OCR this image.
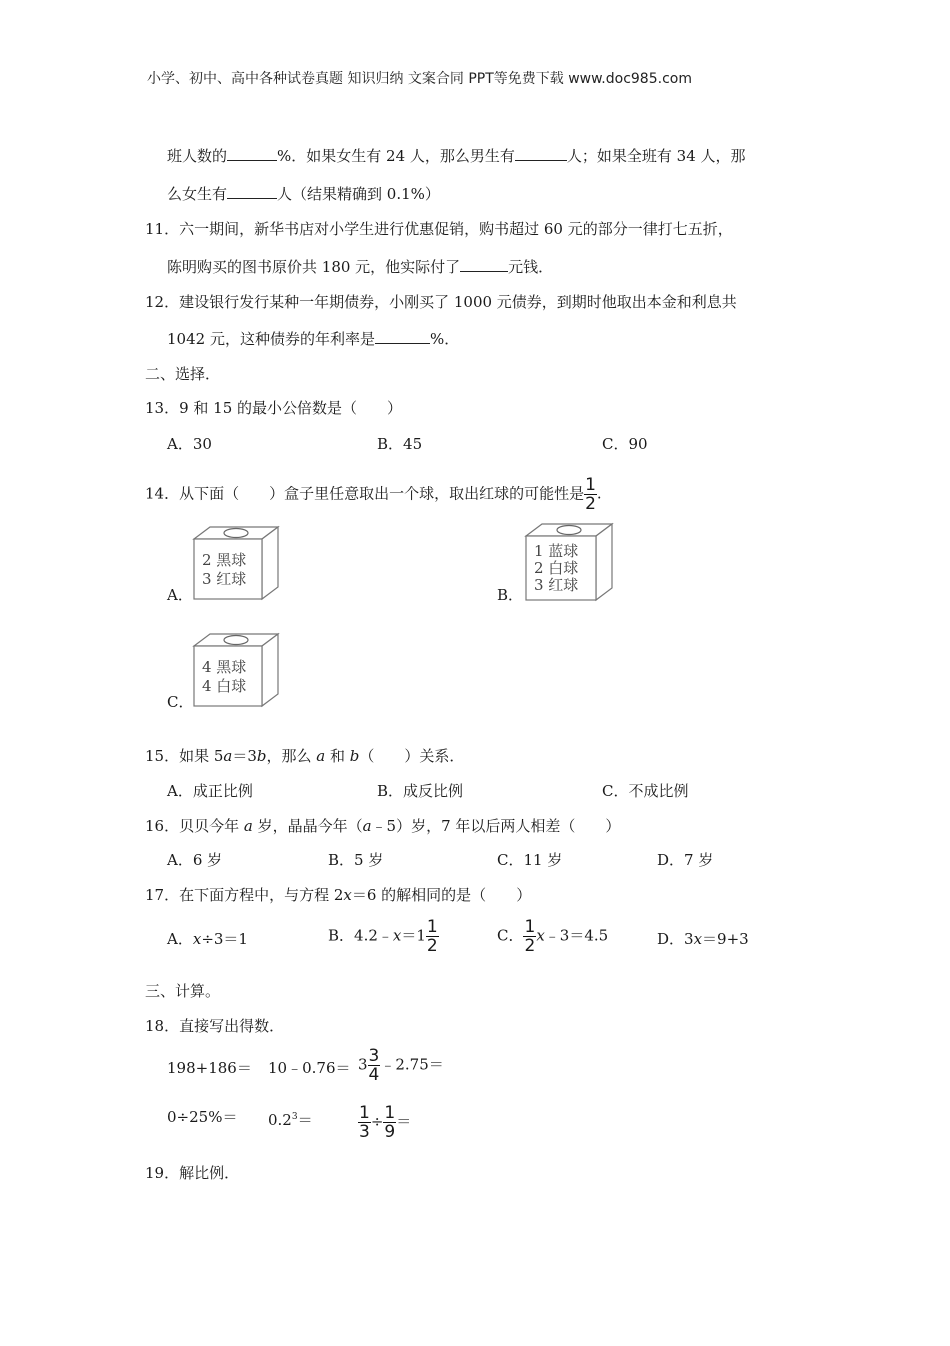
小学、初中、高中各种试卷真题 知识归纳 文案合同 PPT等免费下载 www.doc985.com
班人数的	%．如果女生有 24 人，那么男生有	人；如果全班有 34 人，那
么女生有	人（结果精确到 0.1%）
11．六一期间，新华书店对小学生进行优惠促销，购书超过 60 元的部分一律打七五折，
陈明购买的图书原价共 180 元，他实际付了	元钱．
12．建设银行发行某种一年期债券，小刚买了 1000 元债券，到期时他取出本金和利息共
1042 元，这种债券的年利率是	%．
二、选择．
13．9 和 15 的最小公倍数是（　　）
A．30	B．45	C．90
14．从下面（　　）盒子里任意取出一个球，取出红球的可能性是 $\frac{1}{2}$ .
A．
2 黑球
3 红球
B．
1 蓝球
2 白球
3 红球
C．
4 黑球
4 白球
15．如果 5a＝3b，那么 a 和 b（　　）关系．
A．成正比例	B．成反比例	C．不成比例
16．贝贝今年 a 岁，晶晶今年（a﹣5）岁，7 年以后两人相差（　　）
A．6 岁	B．5 岁	C．11 岁	D．7 岁
17．在下面方程中，与方程 2x＝6 的解相同的是（　　）
A．x÷3＝1	B．4.2﹣x＝1 $\frac{1}{2}$	C． $\frac{1}{2}$ x﹣3＝4.5	D．3x＝9+3
三、计算。
18．直接写出得数．
198+186＝ 10﹣0.76＝ $3 \frac{3}{4}$ ﹣2.75＝
$0\div 25\%= 0.2^3=$	$\frac{1}{3} \div \frac{1}{9}$ ＝
19．解比例．
